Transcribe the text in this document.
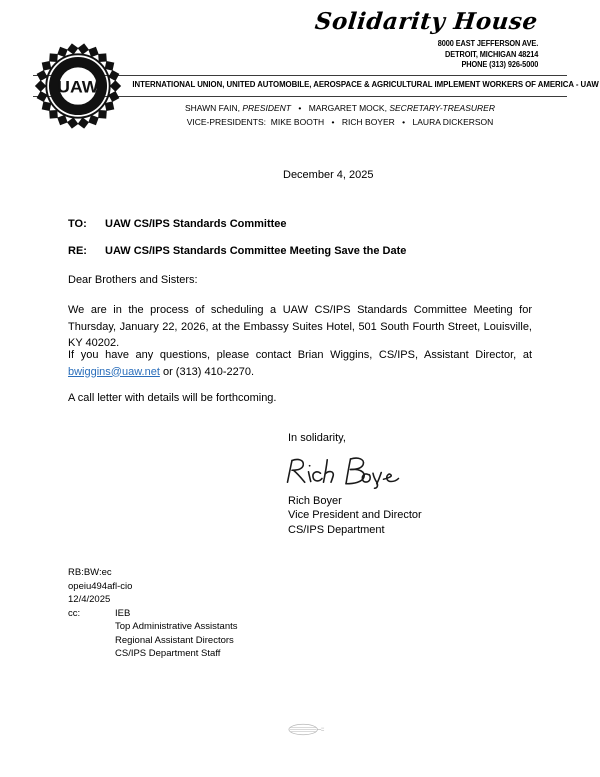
Solidarity House
8000 EAST JEFFERSON AVE.
DETROIT, MICHIGAN 48214
PHONE (313) 926-5000
INTERNATIONAL UNION, UNITED AUTOMOBILE, AEROSPACE & AGRICULTURAL IMPLEMENT WORKERS OF AMERICA - UAW
SHAWN FAIN, PRESIDENT • MARGARET MOCK, SECRETARY-TREASURER
VICE-PRESIDENTS: MIKE BOOTH • RICH BOYER • LAURA DICKERSON
UAW
December 4, 2025
TO:	UAW CS/IPS Standards Committee
RE:	UAW CS/IPS Standards Committee Meeting Save the Date
Dear Brothers and Sisters:
We are in the process of scheduling a UAW CS/IPS Standards Committee Meeting for Thursday, January 22, 2026, at the Embassy Suites Hotel, 501 South Fourth Street, Louisville, KY 40202.
If you have any questions, please contact Brian Wiggins, CS/IPS, Assistant Director, at bwiggins@uaw.net or (313) 410-2270.
A call letter with details will be forthcoming.
In solidarity,
Rich Boyer
Vice President and Director
CS/IPS Department
RB:BW:ec
opeiu494afl-cio
12/4/2025
cc:	IEB
Top Administrative Assistants
Regional Assistant Directors
CS/IPS Department Staff
